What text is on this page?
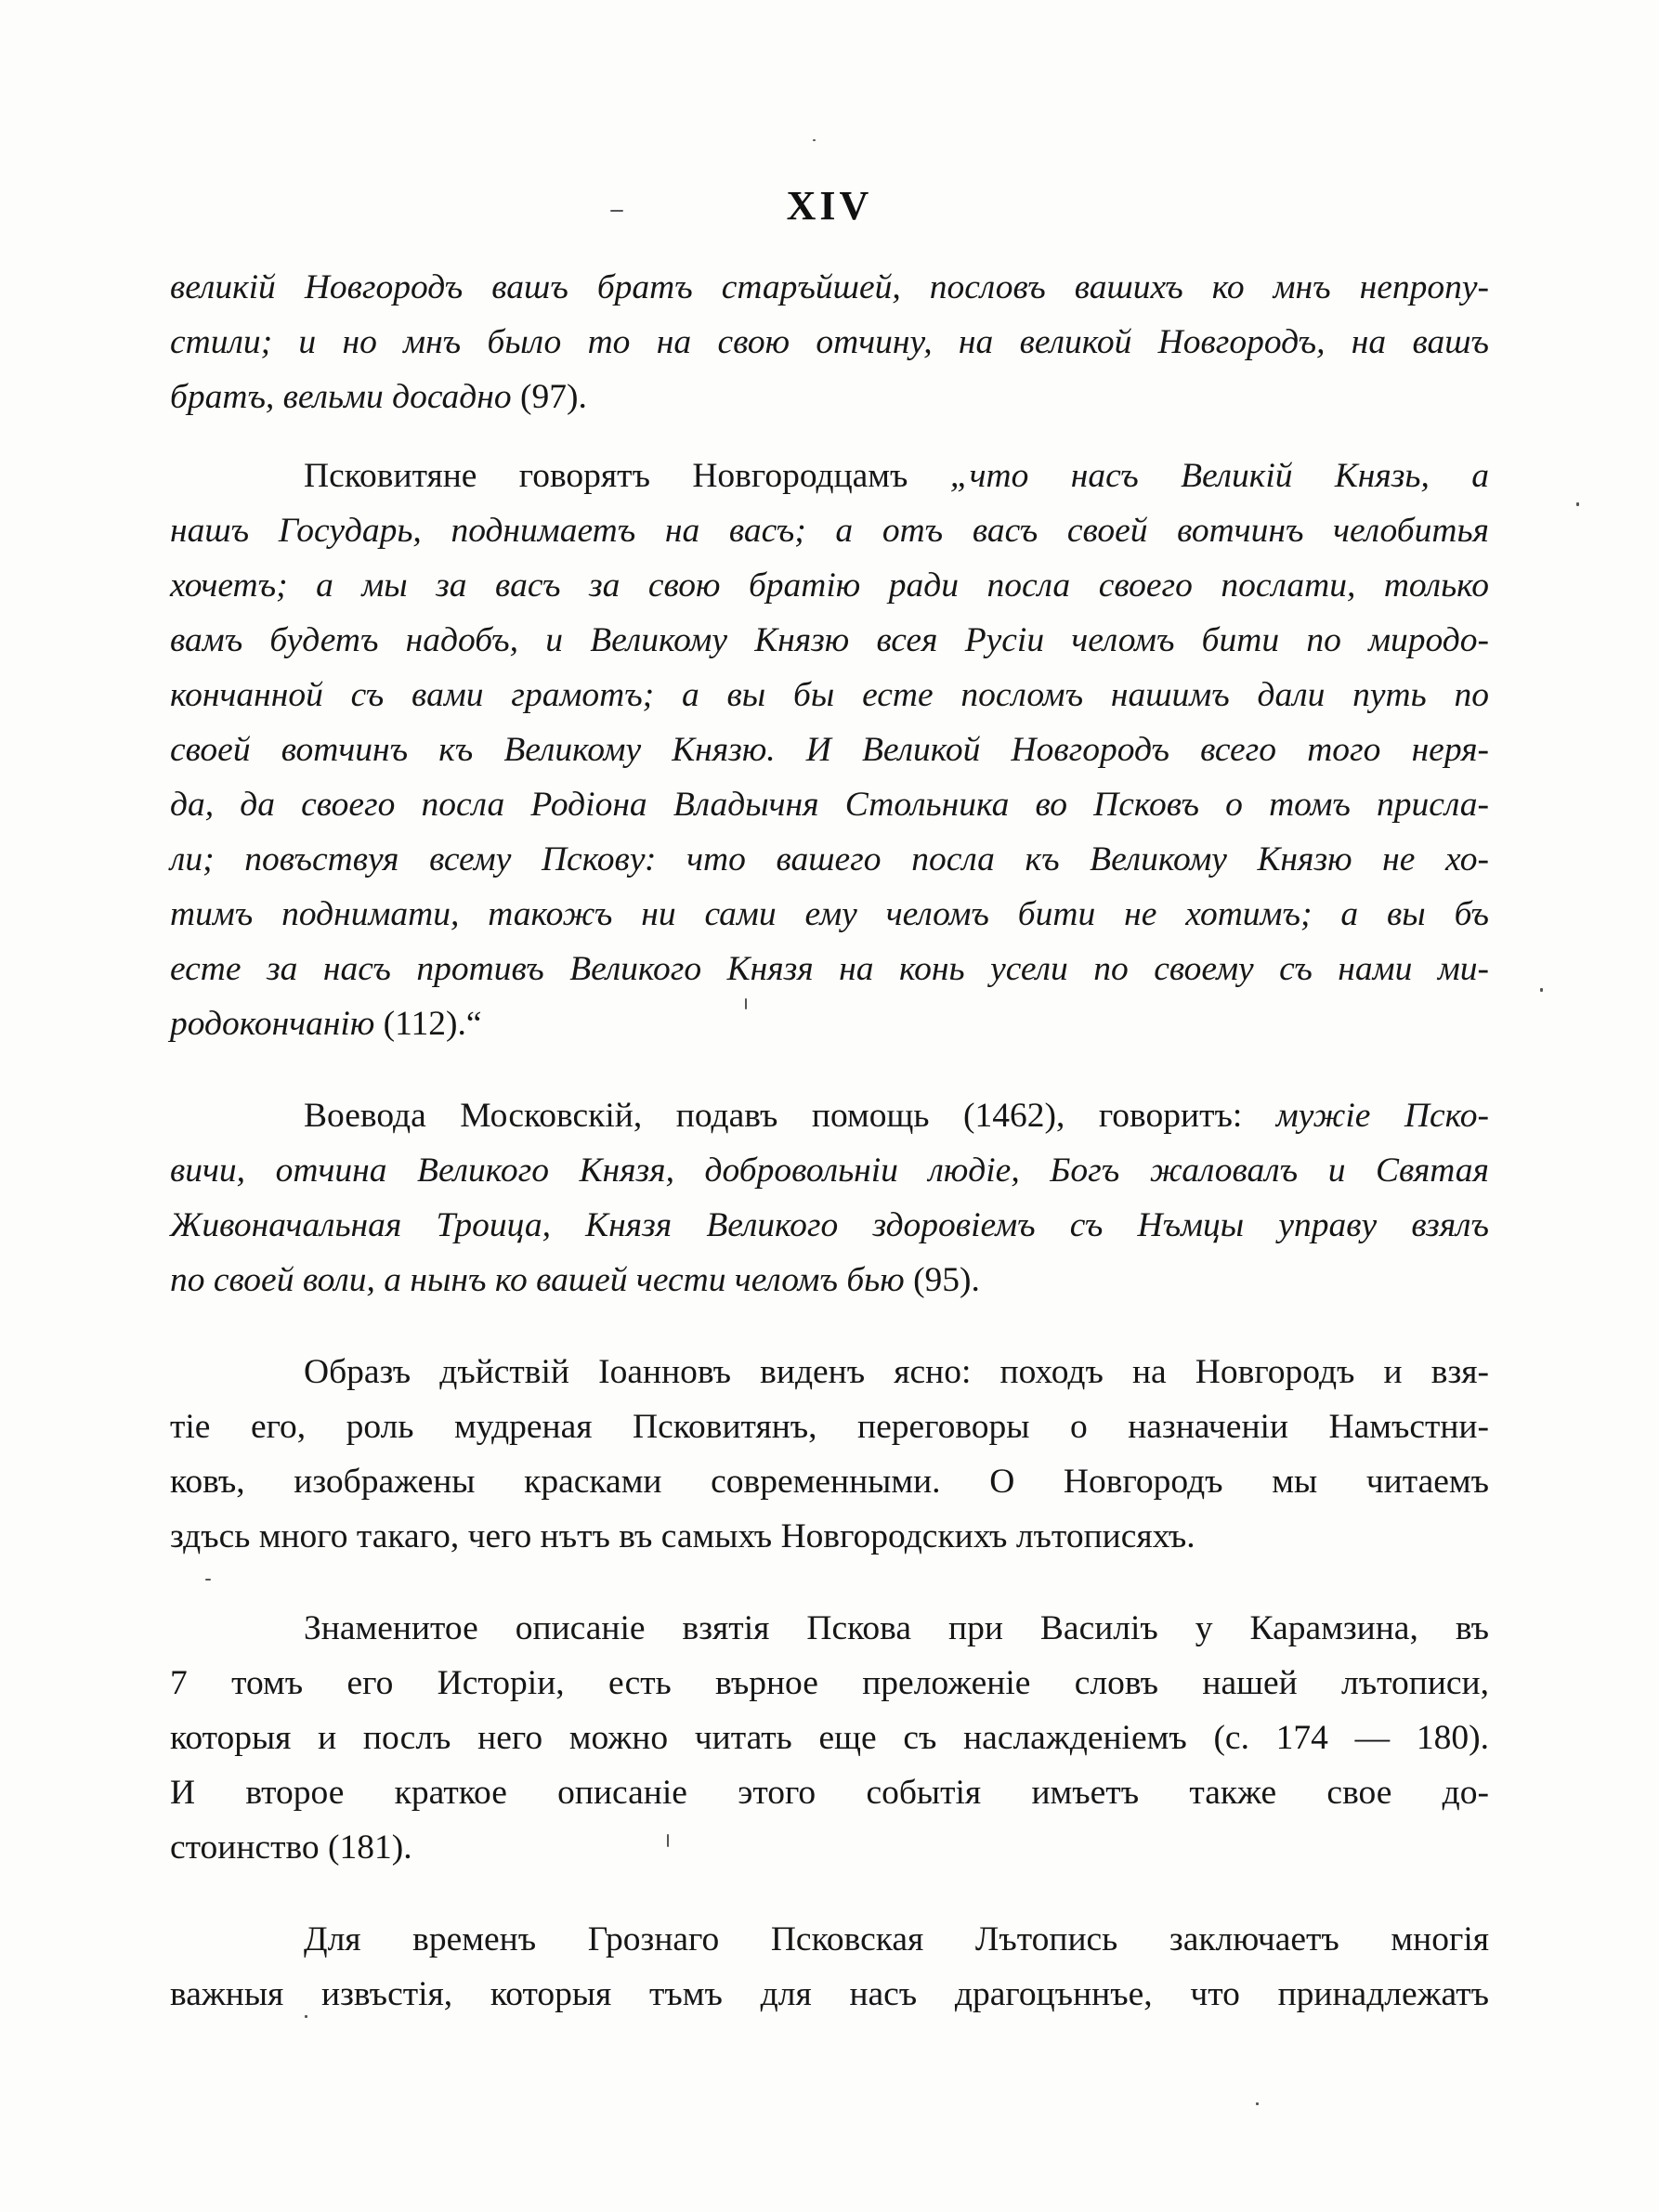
XIV
великій Новгородъ вашъ братъ старъйшей, пословъ вашихъ ко мнъ непропу-
стили; и но мнъ было то на свою отчину, на великой Новгородъ, на вашъ
братъ, вельми досадно (97).
Псковитяне говорятъ Новгородцамъ „что насъ Великій Князь, а
нашъ Государь, поднимаетъ на васъ; а отъ васъ своей вотчинъ челобитья
хочетъ; а мы за васъ за свою братію ради посла своего послати, только
вамъ будетъ надобъ, и Великому Князю всея Русіи челомъ бити по миродо-
кончанной съ вами грамотъ; а вы бы есте посломъ нашимъ дали путь по
своей вотчинъ къ Великому Князю. И Великой Новгородъ всего того неря-
да, да своего посла Родіона Владычня Стольника во Псковъ о томъ присла-
ли; повъствуя всему Пскову: что вашего посла къ Великому Князю не хо-
тимъ поднимати, такожъ ни сами ему челомъ бити не хотимъ; а вы бъ
есте за насъ противъ Великого Князя на конь усели по своему съ нами ми-
родокончанію (112).“
Воевода Московскій, подавъ помощь (1462), говоритъ: мужіе Пско-
вичи, отчина Великого Князя, добровольніи людіе, Богъ жаловалъ и Святая
Живоначальная Троица, Князя Великого здоровіемъ съ Нъмцы управу взялъ
по своей воли, а нынъ ко вашей чести челомъ бью (95).
Образъ дъйствій Іоанновъ виденъ ясно: походъ на Новгородъ и взя-
тіе его, роль мудреная Псковитянъ, переговоры о назначеніи Намъстни-
ковъ, изображены красками современными. О Новгородъ мы читаемъ
здъсь много такаго, чего нътъ въ самыхъ Новгородскихъ лътописяхъ.
Знаменитое описаніе взятія Пскова при Василіъ у Карамзина, въ
7 томъ его Исторіи, есть върное преложеніе словъ нашей лътописи,
которыя и послъ него можно читать еще съ наслажденіемъ (с. 174 — 180).
И второе краткое описаніе этого событія имъетъ также свое до-
стоинство (181).
Для временъ Грознаго Псковская Лътопись заключаетъ многія
важныя извъстія, которыя тъмъ для насъ драгоцъннъе, что принадлежатъ
